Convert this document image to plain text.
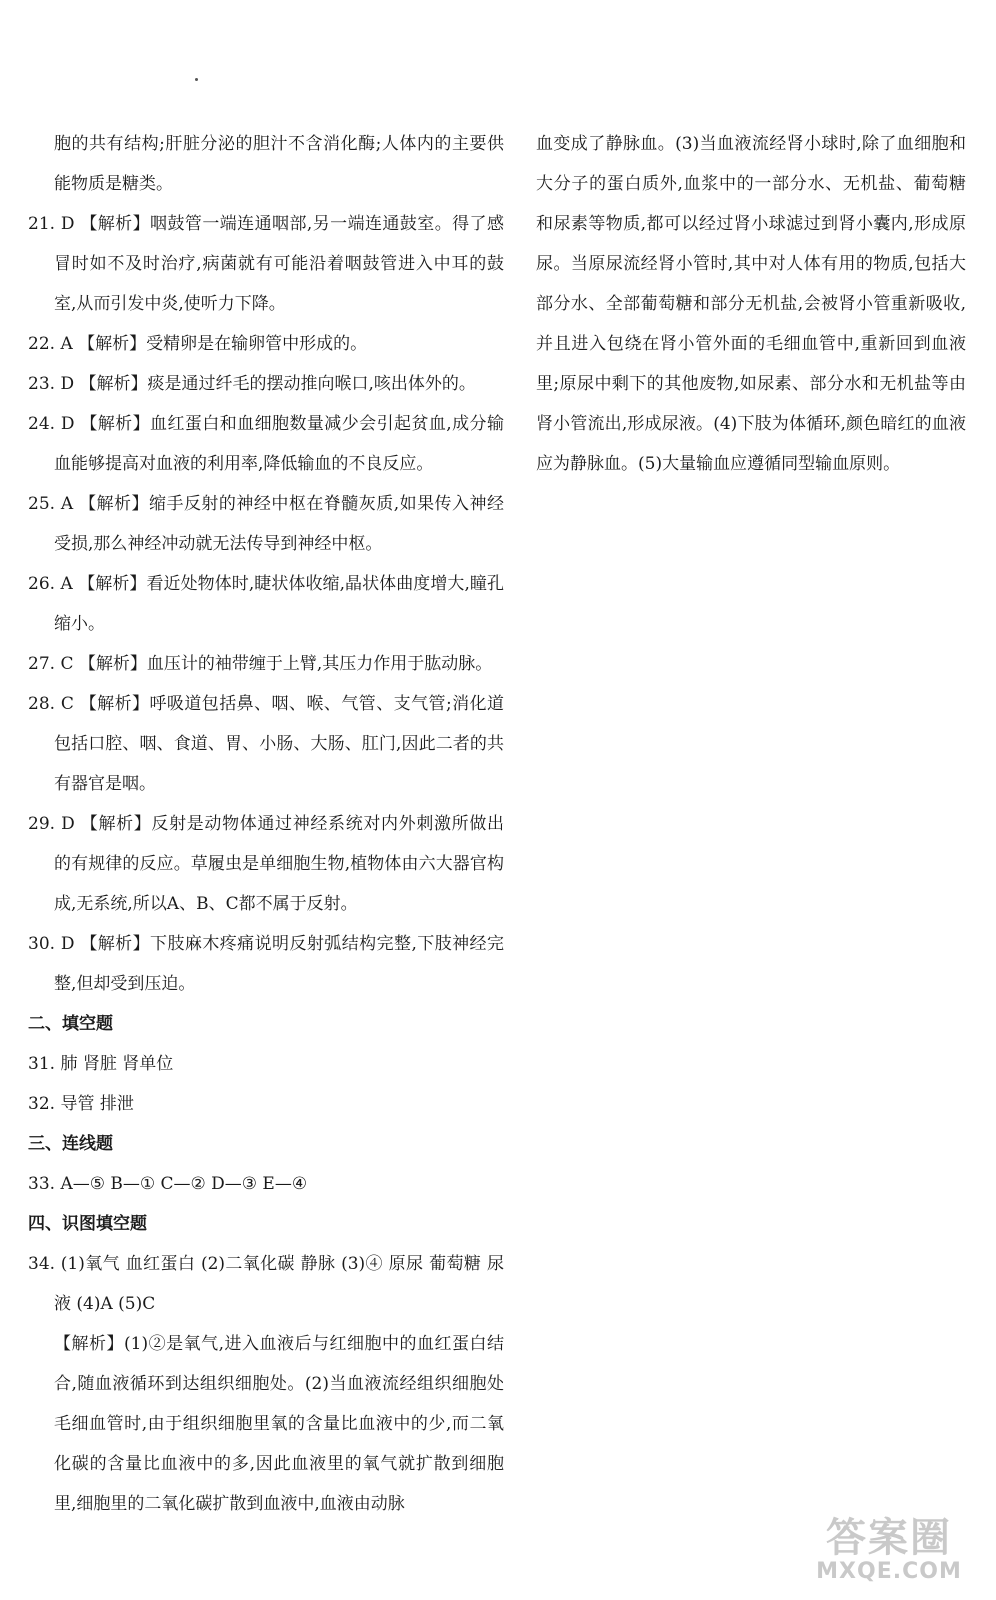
胞的共有结构;肝脏分泌的胆汁不含消化酶;人体内的主要供能物质是糖类。

21. D 【解析】咽鼓管一端连通咽部,另一端连通鼓室。得了感冒时如不及时治疗,病菌就有可能沿着咽鼓管进入中耳的鼓室,从而引发中炎,使听力下降。

22. A 【解析】受精卵是在输卵管中形成的。

23. D 【解析】痰是通过纤毛的摆动推向喉口,咳出体外的。

24. D 【解析】血红蛋白和血细胞数量减少会引起贫血,成分输血能够提高对血液的利用率,降低输血的不良反应。

25. A 【解析】缩手反射的神经中枢在脊髓灰质,如果传入神经受损,那么神经冲动就无法传导到神经中枢。

26. A 【解析】看近处物体时,睫状体收缩,晶状体曲度增大,瞳孔缩小。

27. C 【解析】血压计的袖带缠于上臂,其压力作用于肱动脉。

28. C 【解析】呼吸道包括鼻、咽、喉、气管、支气管;消化道包括口腔、咽、食道、胃、小肠、大肠、肛门,因此二者的共有器官是咽。

29. D 【解析】反射是动物体通过神经系统对内外刺激所做出的有规律的反应。草履虫是单细胞生物,植物体由六大器官构成,无系统,所以A、B、C都不属于反射。

30. D 【解析】下肢麻木疼痛说明反射弧结构完整,下肢神经完整,但却受到压迫。

二、填空题

31. 肺 肾脏 肾单位

32. 导管 排泄

三、连线题

33. A—⑤ B—① C—② D—③ E—④

四、识图填空题

34. (1)氧气 血红蛋白 (2)二氧化碳 静脉 (3)④ 原尿 葡萄糖 尿液 (4)A (5)C

【解析】(1)②是氧气,进入血液后与红细胞中的血红蛋白结合,随血液循环到达组织细胞处。(2)当血液流经组织细胞处毛细血管时,由于组织细胞里氧的含量比血液中的少,而二氧化碳的含量比血液中的多,因此血液里的氧气就扩散到细胞里,细胞里的二氧化碳扩散到血液中,血液由动脉

血变成了静脉血。(3)当血液流经肾小球时,除了血细胞和大分子的蛋白质外,血浆中的一部分水、无机盐、葡萄糖和尿素等物质,都可以经过肾小球滤过到肾小囊内,形成原尿。当原尿流经肾小管时,其中对人体有用的物质,包括大部分水、全部葡萄糖和部分无机盐,会被肾小管重新吸收,并且进入包绕在肾小管外面的毛细血管中,重新回到血液里;原尿中剩下的其他废物,如尿素、部分水和无机盐等由肾小管流出,形成尿液。(4)下肢为体循环,颜色暗红的血液应为静脉血。(5)大量输血应遵循同型输血原则。

答案圈
MXQE.COM
